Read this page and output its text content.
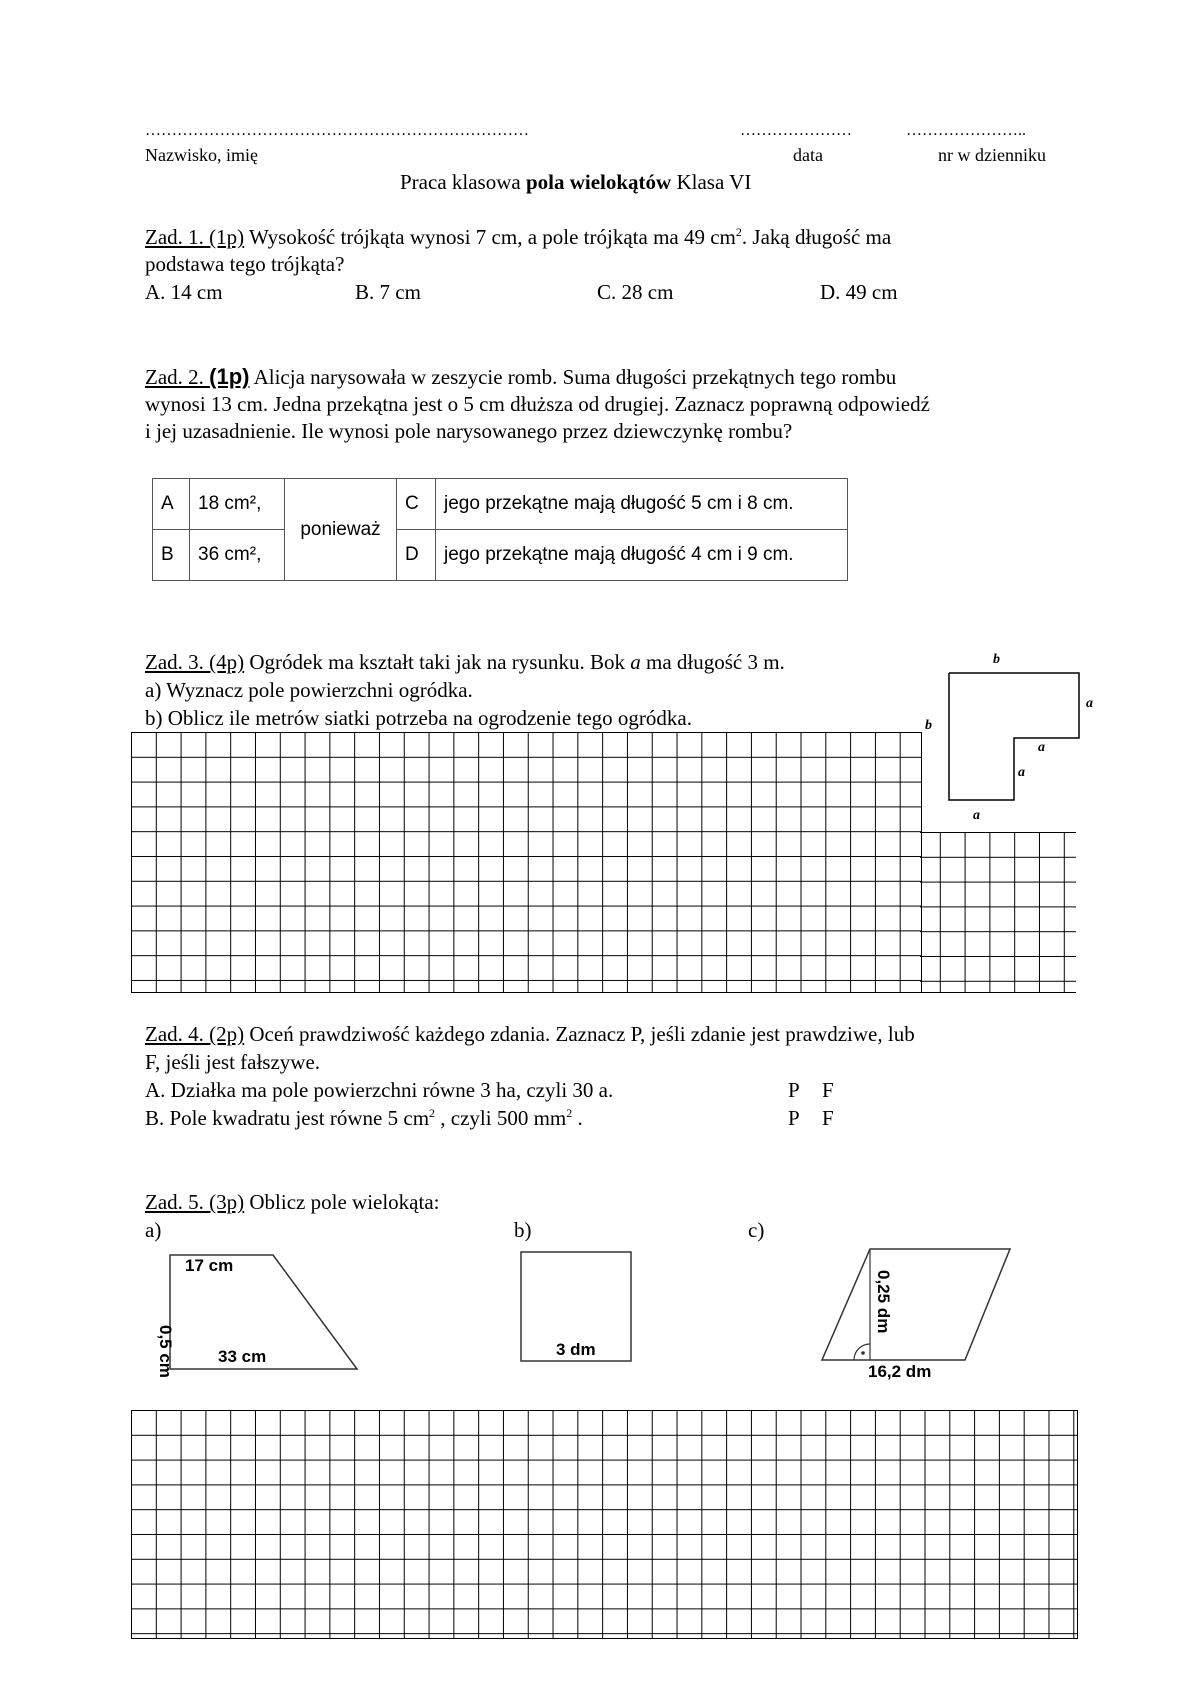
………………………………………………………………	…………………	…………………..
Nazwisko, imię	data	nr w dzienniku
Praca klasowa pola wielokątów Klasa VI
Zad. 1. (1p) Wysokość trójkąta wynosi 7 cm, a pole trójkąta ma 49 $cm^2$. Jaką długość ma
podstawa tego trójkąta?
A. 14 cm	B. 7 cm	C. 28 cm	D. 49 cm
Zad. 2. (1p) Alicja narysowała w zeszycie romb. Suma długości przekątnych tego rombu
wynosi 13 cm. Jedna przekątna jest o 5 cm dłuższa od drugiej. Zaznacz poprawną odpowiedź
i jej uzasadnienie. Ile wynosi pole narysowanego przez dziewczynkę rombu?
A	18 cm²,	ponieważ	C	jego przekątne mają długość 5 cm i 8 cm.
B	36 cm²,		D	jego przekątne mają długość 4 cm i 9 cm.
Zad. 3. (4p) Ogródek ma kształt taki jak na rysunku. Bok a ma długość 3 m.
a) Wyznacz pole powierzchni ogródka.
b) Oblicz ile metrów siatki potrzeba na ogrodzenie tego ogródka.
b
b
a
a
a
a
Zad. 4. (2p) Oceń prawdziwość każdego zdania. Zaznacz P, jeśli zdanie jest prawdziwe, lub
F, jeśli jest fałszywe.
A. Działka ma pole powierzchni równe 3 ha, czyli 30 a.	P F
B. Pole kwadratu jest równe 5 $cm^2$ , czyli 500 $mm^2$ .	P F
Zad. 5. (3p) Oblicz pole wielokąta:
a)	b)	c)
17 cm
0,5 cm	33 cm	3 dm
0,25 dm
16,2 dm
